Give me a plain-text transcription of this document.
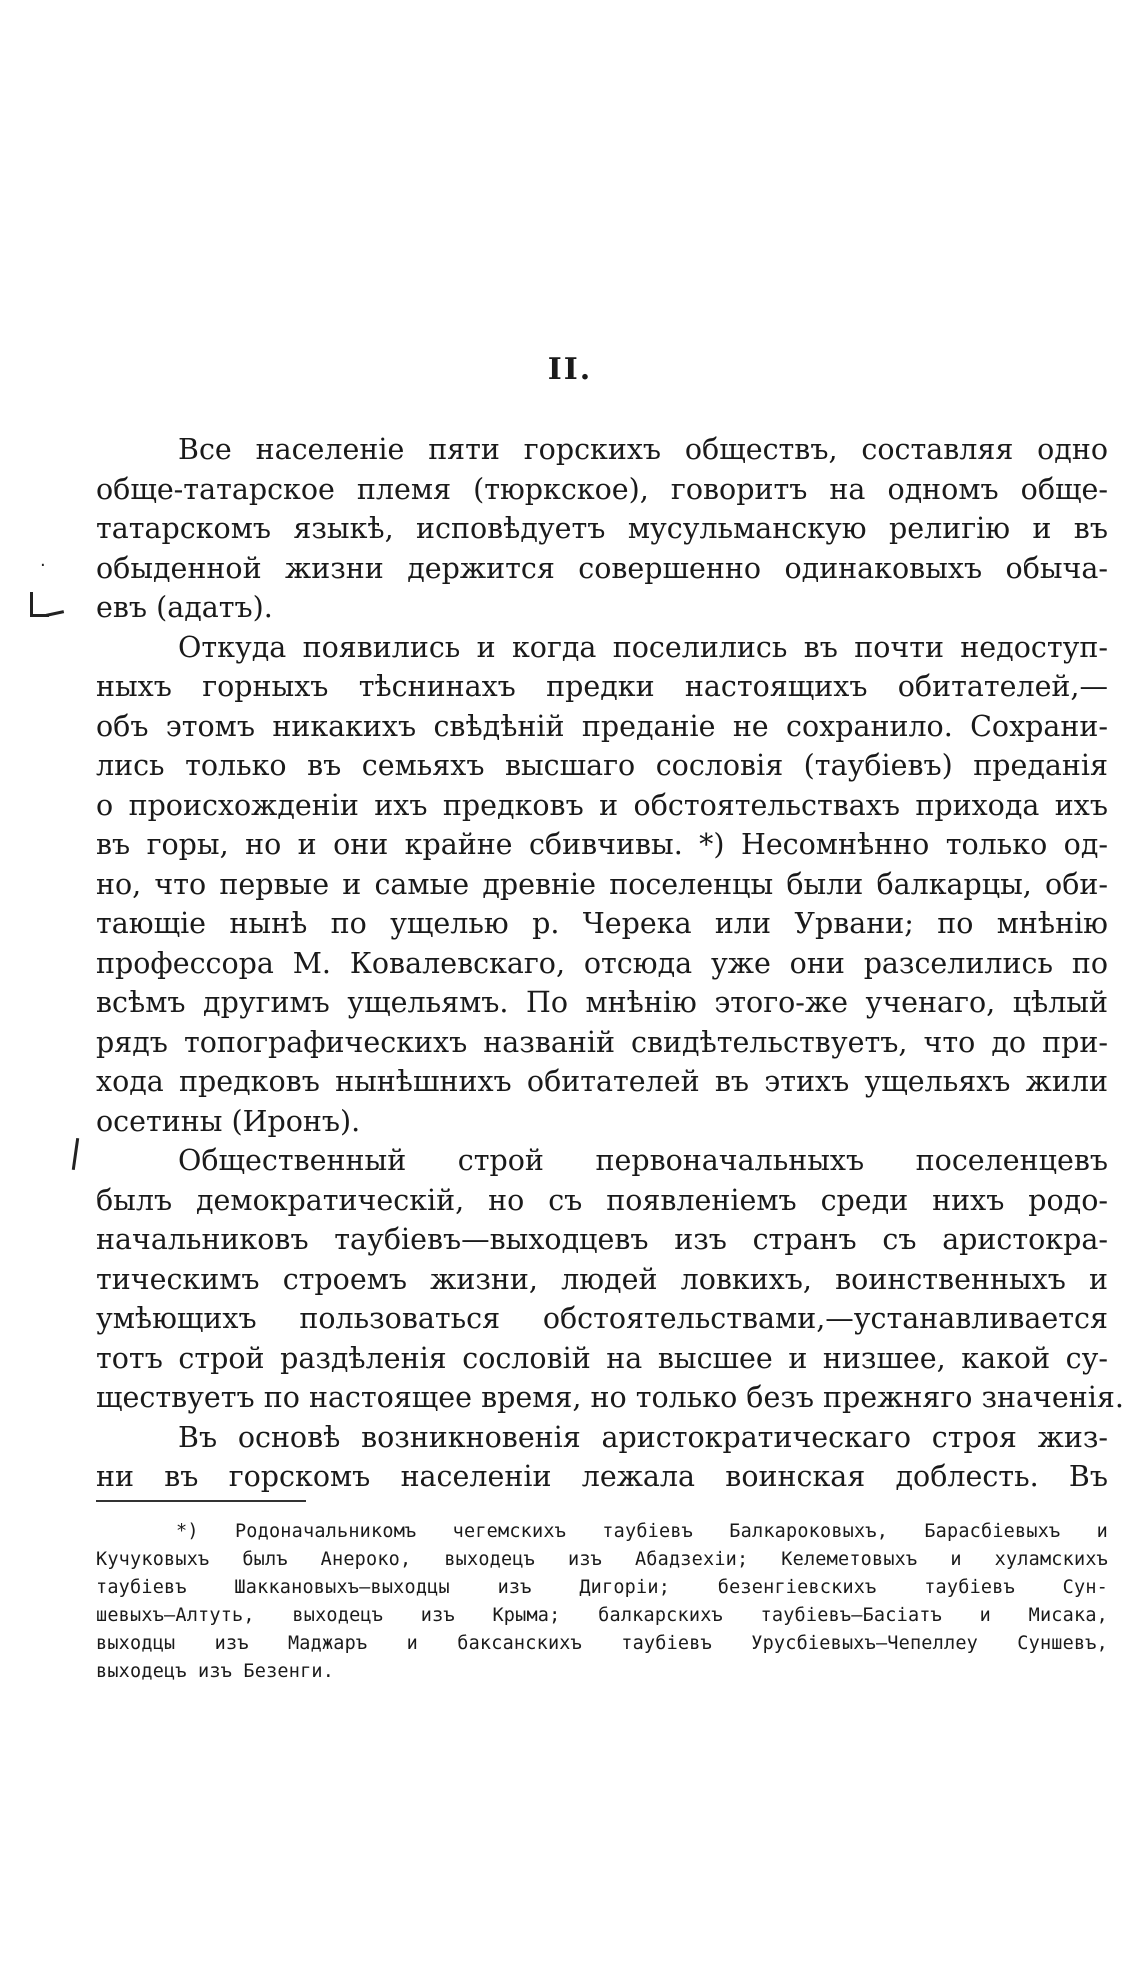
II.
·
Все населеніе пяти горскихъ обществъ, составляя одно
обще-татарское племя (тюркское), говоритъ на одномъ обще-
татарскомъ языкѣ, исповѣдуетъ мусульманскую религію и въ
обыденной жизни держится совершенно одинаковыхъ обыча-
евъ (адатъ).
Откуда появились и когда поселились въ почти недоступ-
ныхъ горныхъ тѣснинахъ предки настоящихъ обитателей,—
объ этомъ никакихъ свѣдѣній преданіе не сохранило. Сохрани-
лись только въ семьяхъ высшаго сословія (таубіевъ) преданія
о происхожденіи ихъ предковъ и обстоятельствахъ прихода ихъ
въ горы, но и они крайне сбивчивы. *) Несомнѣнно только од-
но, что первые и самые древніе поселенцы были балкарцы, оби-
тающіе нынѣ по ущелью р. Черека или Урвани; по мнѣнію
профессора М. Ковалевскаго, отсюда уже они разселились по
всѣмъ другимъ ущельямъ. По мнѣнію этого-же ученаго, цѣлый
рядъ топографическихъ названій свидѣтельствуетъ, что до при-
хода предковъ нынѣшнихъ обитателей въ этихъ ущельяхъ жили
осетины (Иронъ).
Общественный строй первоначальныхъ поселенцевъ
былъ демократическій, но съ появленіемъ среди нихъ родо-
начальниковъ таубіевъ—выходцевъ изъ странъ съ аристокра-
тическимъ строемъ жизни, людей ловкихъ, воинственныхъ и
умѣющихъ пользоваться обстоятельствами,—устанавливается
тотъ строй раздѣленія сословій на высшее и низшее, какой су-
ществуетъ по настоящее время, но только безъ прежняго значенія.
Въ основѣ возникновенія аристократическаго строя жиз-
ни въ горскомъ населеніи лежала воинская доблесть. Въ
*) Родоначальникомъ чегемскихъ таубіевъ Балкароковыхъ, Барасбіевыхъ и
Кучуковыхъ былъ Анероко, выходецъ изъ Абадзехіи; Келеметовыхъ и хуламскихъ
таубіевъ Шаккановыхъ—выходцы изъ Дигоріи; безенгіевскихъ таубіевъ Сун-
шевыхъ—Алтуть, выходецъ изъ Крыма; балкарскихъ таубіевъ—Басіатъ и Мисака,
выходцы изъ Маджаръ и баксанскихъ таубіевъ Урусбіевыхъ—Чепеллеу Суншевъ,
выходецъ изъ Безенги.
